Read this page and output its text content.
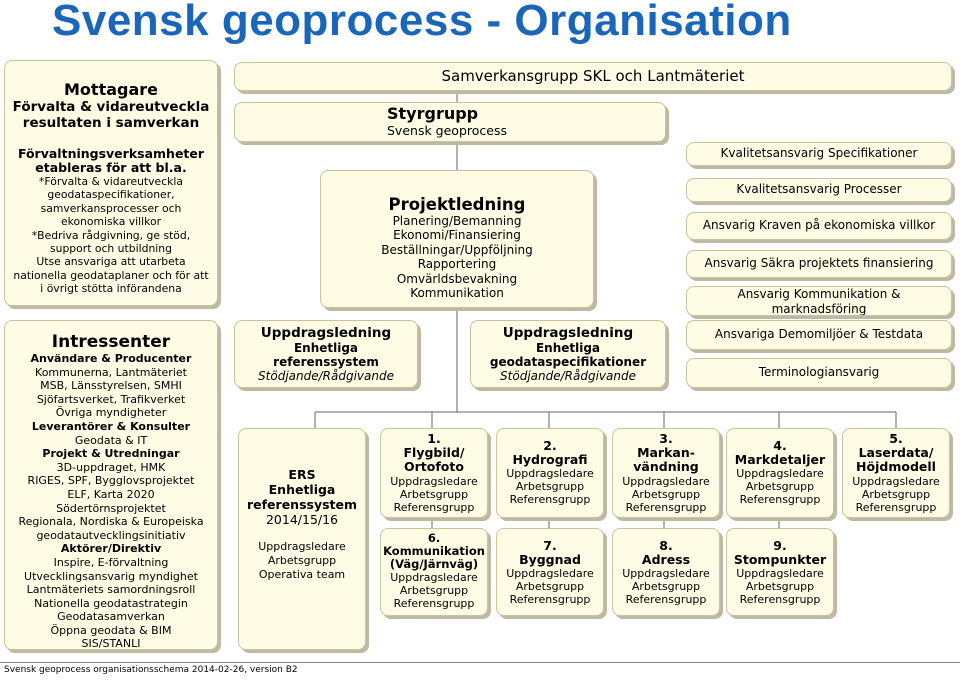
Svensk geoprocess - Organisation
Mottagare
Förvalta & vidareutveckla
resultaten i samverkan
Förvaltningsverksamheter
etableras för att bl.a.
*Förvalta & vidareutveckla
geodataspecifikationer,
samverkansprocesser och
ekonomiska villkor
*Bedriva rådgivning, ge stöd,
support och utbildning
Utse ansvariga att utarbeta
nationella geodataplaner och för att
i övrigt stötta införandena
Intressenter
Användare & Producenter
Kommunerna, Lantmäteriet
MSB, Länsstyrelsen, SMHI
Sjöfartsverket, Trafikverket
Övriga myndigheter
Leverantörer & Konsulter
Geodata & IT
Projekt & Utredningar
3D-uppdraget, HMK
RIGES, SPF, Bygglovsprojektet
ELF, Karta 2020
Södertörnsprojektet
Regionala, Nordiska & Europeiska
geodatautvecklingsinitiativ
Aktörer/Direktiv
Inspire, E-förvaltning
Utvecklingsansvarig myndighet
Lantmäteriets samordningsroll
Nationella geodatastrategin
Geodatasamverkan
Öppna geodata & BIM
SIS/STANLI
Samverkansgrupp SKL och Lantmäteriet
Styrgrupp
Svensk geoprocess
Projektledning
Planering/Bemanning
Ekonomi/Finansiering
Beställningar/Uppföljning
Rapportering
Omvärldsbevakning
Kommunikation
Kvalitetsansvarig Specifikationer
Kvalitetsansvarig Processer
Ansvarig Kraven på ekonomiska villkor
Ansvarig Säkra projektets finansiering
Ansvarig Kommunikation &
marknadsföring
Ansvariga Demomiljöer & Testdata
Terminologiansvarig
Uppdragsledning
Enhetliga
referenssystem
Stödjande/Rådgivande
Uppdragsledning
Enhetliga
geodataspecifikationer
Stödjande/Rådgivande
ERS
Enhetliga
referenssystem
2014/15/16
Uppdragsledare
Arbetsgrupp
Operativa team
1.
Flygbild/
Ortofoto
Uppdragsledare
Arbetsgrupp
Referensgrupp
2.
Hydrografi
Uppdragsledare
Arbetsgrupp
Referensgrupp
3.
Markan-
vändning
Uppdragsledare
Arbetsgrupp
Referensgrupp
4.
Markdetaljer
Uppdragsledare
Arbetsgrupp
Referensgrupp
5.
Laserdata/
Höjdmodell
Uppdragsledare
Arbetsgrupp
Referensgrupp
6.
Kommunikation
(Väg/Järnväg)
Uppdragsledare
Arbetsgrupp
Referensgrupp
7.
Byggnad
Uppdragsledare
Arbetsgrupp
Referensgrupp
8.
Adress
Uppdragsledare
Arbetsgrupp
Referensgrupp
9.
Stompunkter
Uppdragsledare
Arbetsgrupp
Referensgrupp
Svensk geoprocess organisationsschema 2014-02-26, version B2
